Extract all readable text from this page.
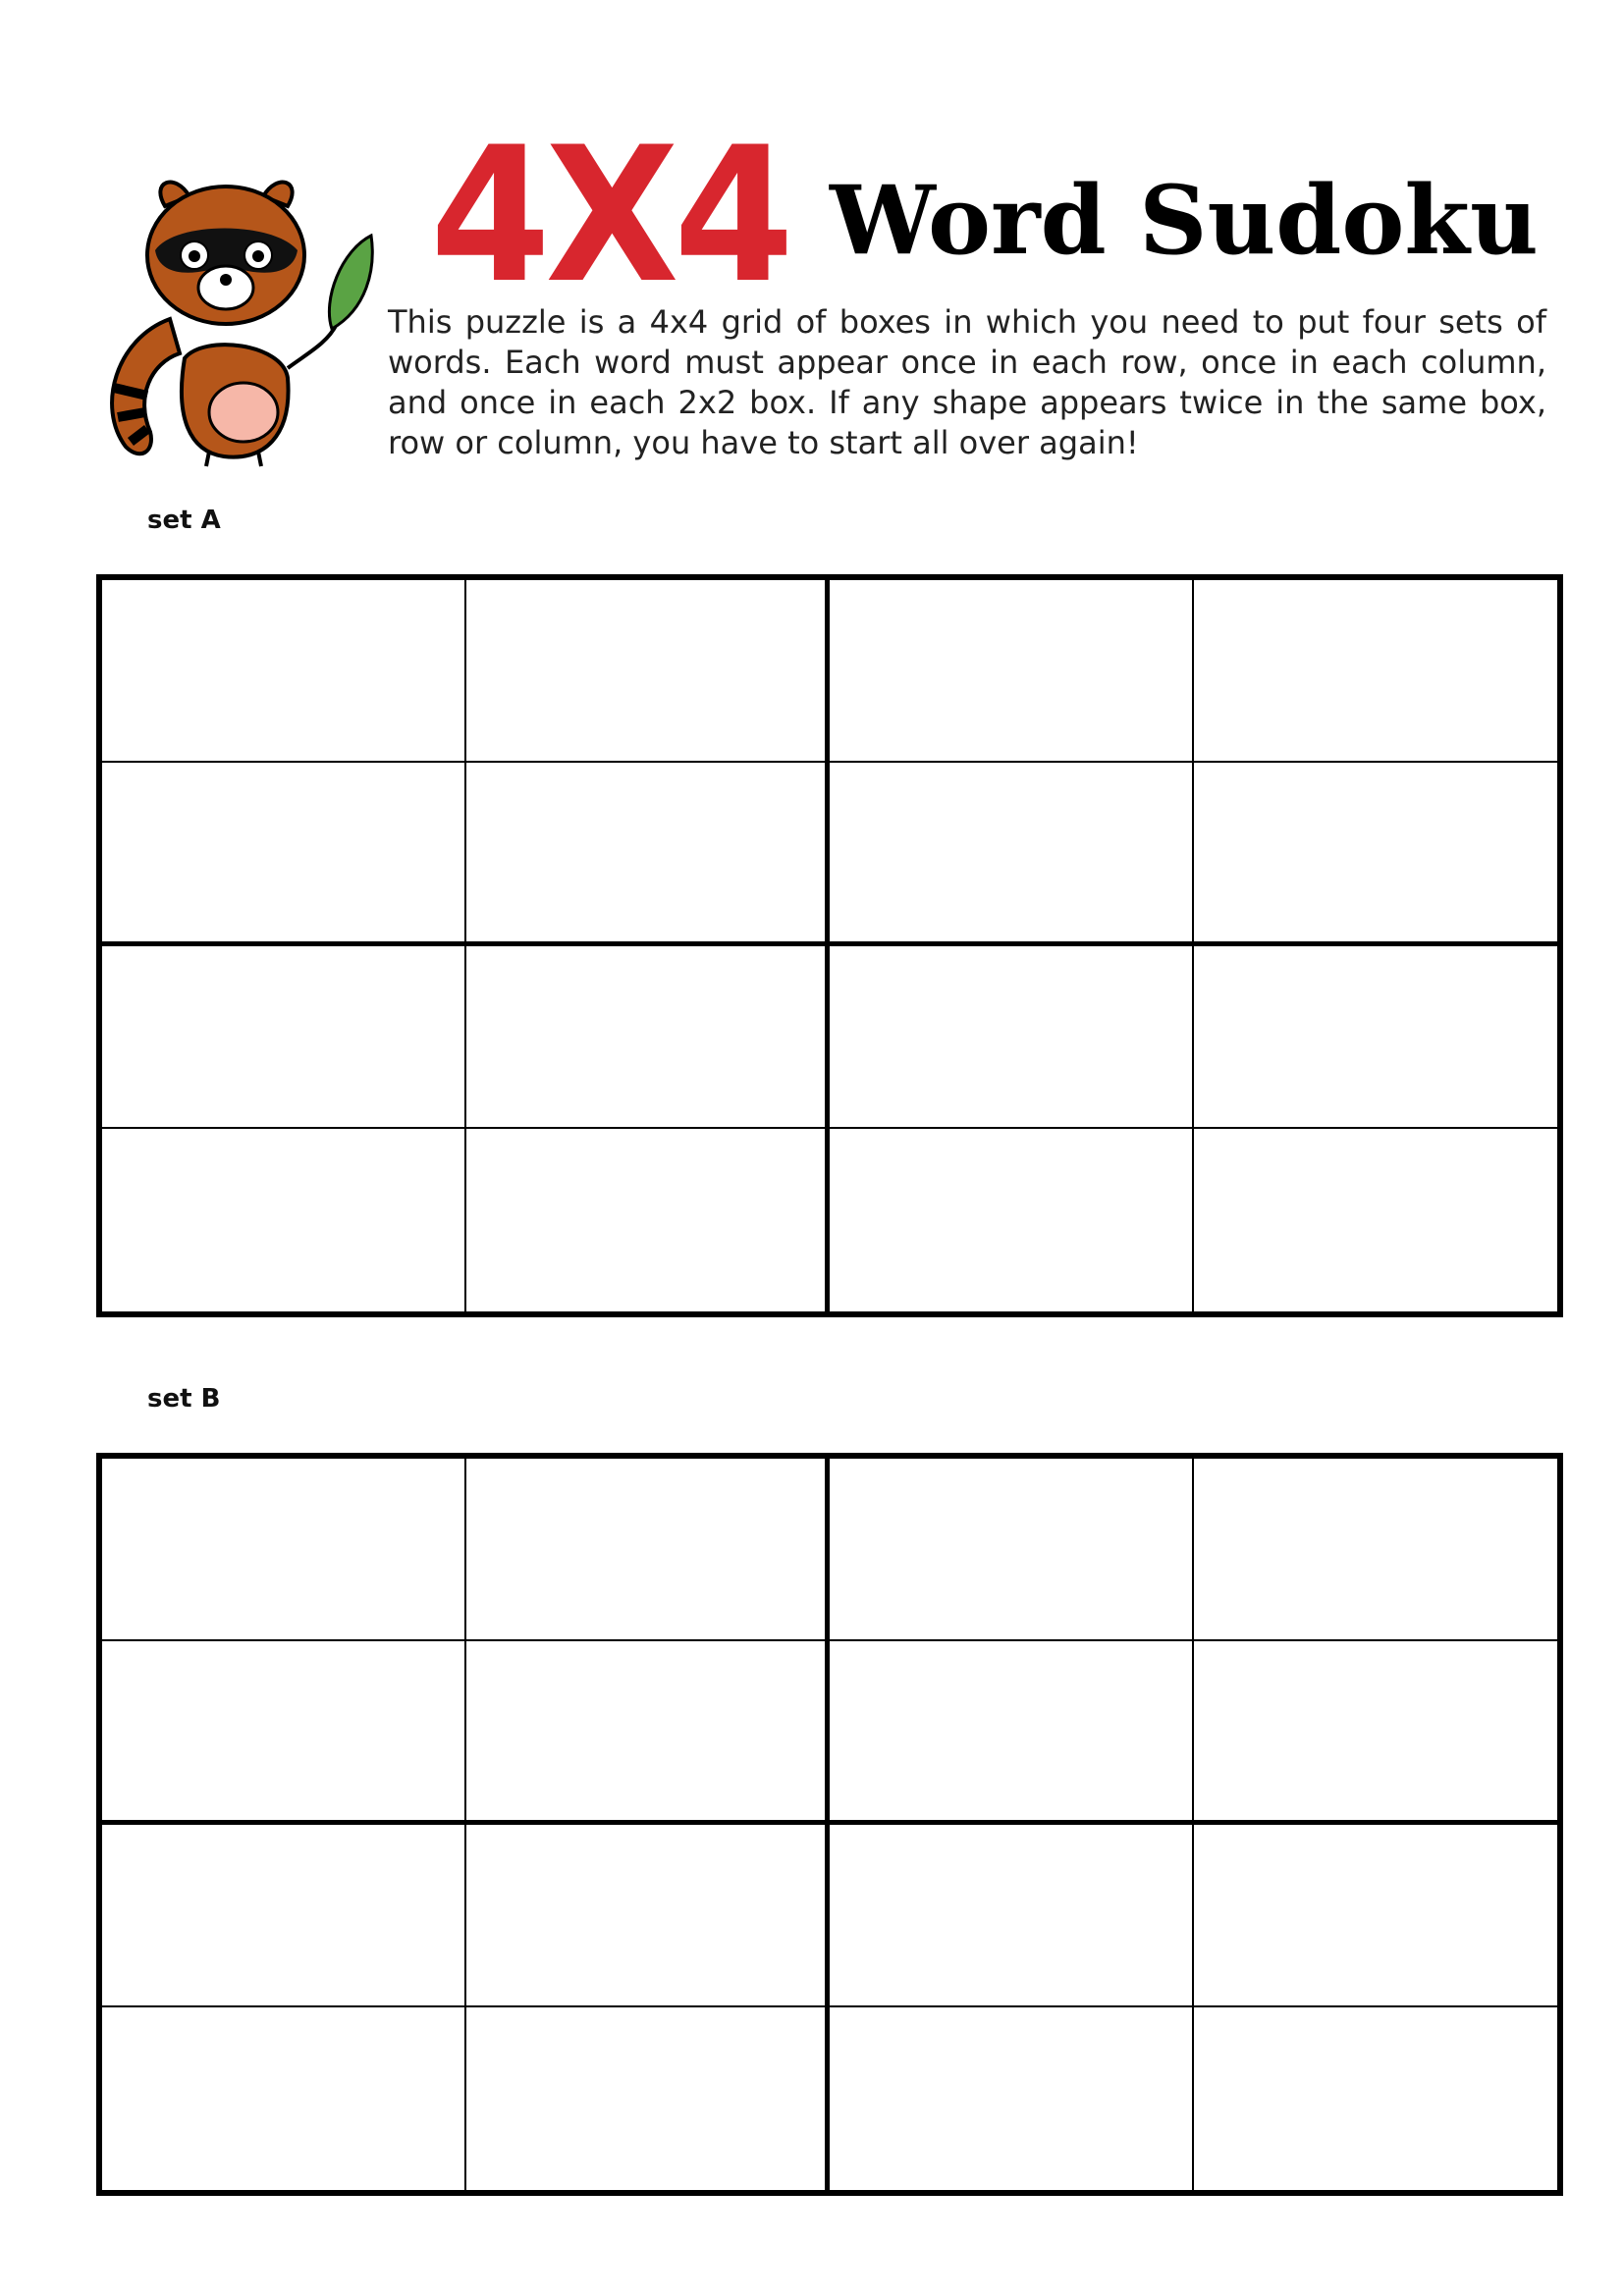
4X4 Word Sudoku
This puzzle is a 4x4 grid of boxes in which you need to put four sets of words. Each word must appear once in each row, once in each column, and once in each 2x2 box. If any shape appears twice in the same box, row or column, you have to start all over again!
set A
set B
